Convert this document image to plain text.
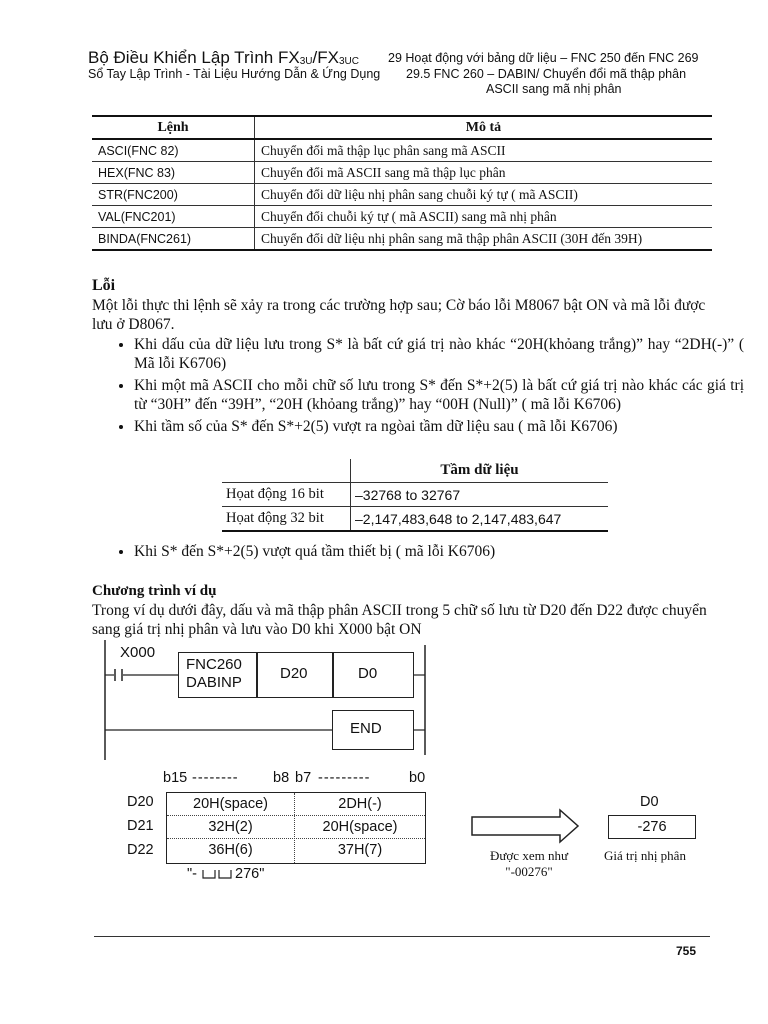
Bộ Điều Khiển Lập Trình $FX_{3U}/FX_{3UC}$ 29 Hoạt động với bảng dữ liệu – FNC 250 đến FNC 269
Sổ Tay Lập Trình - Tài Liệu Hướng Dẫn & Ứng Dụng 29.5 FNC 260 – DABIN/ Chuyển đổi mã thập phân
ASCII sang mã nhị phân
Lệnh	Mô tả
ASCI(FNC 82)	Chuyển đổi mã thập lục phân sang mã ASCII
HEX(FNC 83)	Chuyển đổi mã ASCII sang mã thập lục phân
STR(FNC200)	Chuyển đổi dữ liệu nhị phân sang chuỗi ký tự ( mã ASCII)
VAL(FNC201)	Chuyển đổi chuỗi ký tự ( mã ASCII) sang mã nhị phân
BINDA(FNC261)	Chuyển đổi dữ liệu nhị phân sang mã thập phân ASCII (30H đến 39H)
Lỗi
Một lỗi thực thi lệnh sẽ xảy ra trong các trường hợp sau; Cờ báo lỗi M8067 bật ON và mã lỗi được lưu ở D8067.
• Khi dấu của dữ liệu lưu trong S* là bất cứ giá trị nào khác “20H(khỏang trắng)” hay “2DH(-)” ( Mã lỗi K6706)
• Khi một mã ASCII cho mỗi chữ số lưu trong S* đến S*+2(5) là bất cứ giá trị nào khác các giá trị từ “30H” đến “39H”, “20H (khỏang trắng)” hay “00H (Null)” ( mã lỗi K6706)
• Khi tầm số của S* đến S*+2(5) vượt ra ngòai tầm dữ liệu sau ( mã lỗi K6706)
	Tầm dữ liệu
Họat động 16 bit	–32768 to 32767
Họat động 32 bit	–2,147,483,648 to 2,147,483,647
• Khi S* đến S*+2(5) vượt quá tầm thiết bị ( mã lỗi K6706)
Chương trình ví dụ
Trong ví dụ dưới đây, dấu và mã thập phân ASCII trong 5 chữ số lưu từ D20 đến D22 được chuyển sang giá trị nhị phân và lưu vào D0 khi X000 bật ON
X000
FNC260
DABINP
D20	D0
END
b15 -------- b8 b7 ---------	b0
D20
D21
D22
20H(space)	2DH(-)
32H(2)	20H(space)
36H(6)	37H(7)
"-	276"
Được xem như
"-00276"
D0
-276
Giá trị nhị phân
755
